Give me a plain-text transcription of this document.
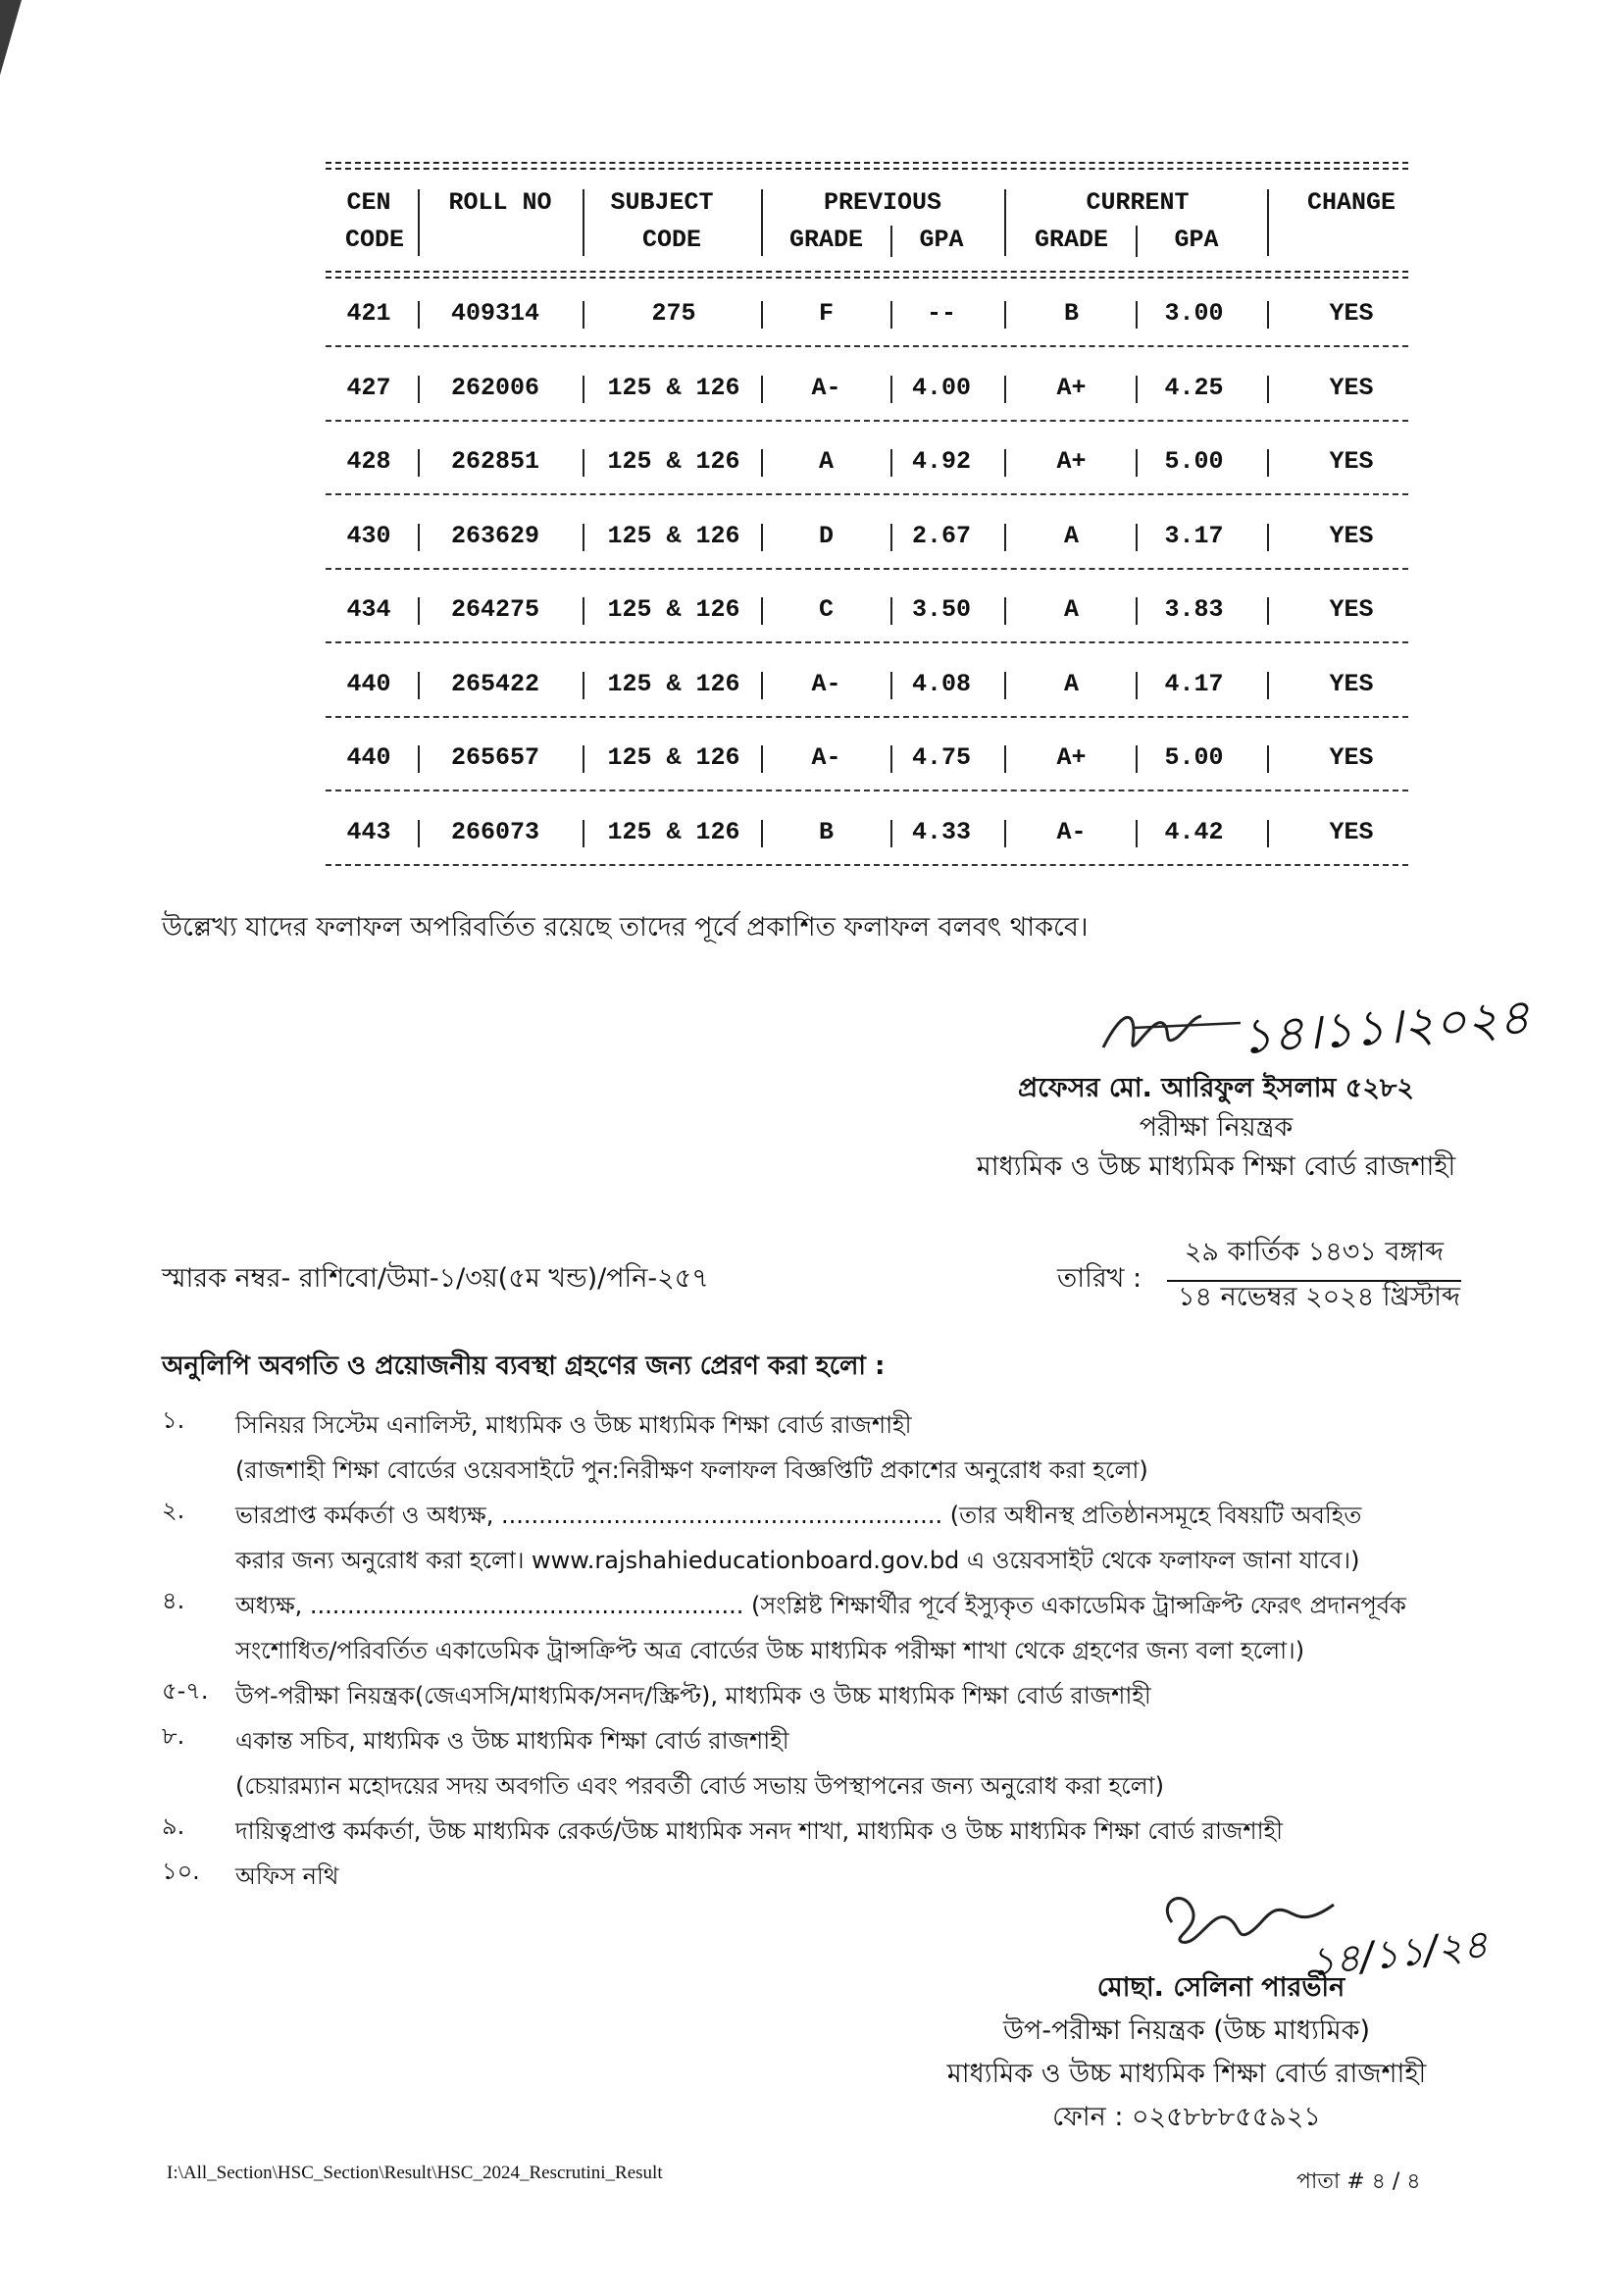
CEN	ROLL NO	SUBJECT	PREVIOUS	CURRENT	CHANGE
CODE	CODE	GRADE	GPA	GRADE	GPA
421	409314	275	F	--	B	3.00	YES
427	262006	125 & 126	A-	4.00	A+	4.25	YES
428	262851	125 & 126	A	4.92	A+	5.00	YES
430	263629	125 & 126	D	2.67	A	3.17	YES
434	264275	125 & 126	C	3.50	A	3.83	YES
440	265422	125 & 126	A-	4.08	A	4.17	YES
440	265657	125 & 126	A-	4.75	A+	5.00	YES
443	266073	125 & 126	B	4.33	A-	4.42	YES
উল্লেখ্য যাদের ফলাফল অপরিবর্তিত রয়েছে তাদের পূর্বে প্রকাশিত ফলাফল বলবৎ থাকবে।
১৪।১১।২০২৪
প্রফেসর মো. আরিফুল ইসলাম ৫২৮২
পরীক্ষা নিয়ন্ত্রক
মাধ্যমিক ও উচ্চ মাধ্যমিক শিক্ষা বোর্ড রাজশাহী
স্মারক নম্বর- রাশিবো/উমা-১/৩য়(৫ম খন্ড)/পনি-২৫৭	তারিখ :
২৯ কার্তিক ১৪৩১ বঙ্গাব্দ
১৪ নভেম্বর ২০২৪ খ্রিস্টাব্দ
অনুলিপি অবগতি ও প্রয়োজনীয় ব্যবস্থা গ্রহণের জন্য প্রেরণ করা হলো :
১.	সিনিয়র সিস্টেম এনালিস্ট, মাধ্যমিক ও উচ্চ মাধ্যমিক শিক্ষা বোর্ড রাজশাহী
(রাজশাহী শিক্ষা বোর্ডের ওয়েবসাইটে পুন:নিরীক্ষণ ফলাফল বিজ্ঞপ্তিটি প্রকাশের অনুরোধ করা হলো)
২.	ভারপ্রাপ্ত কর্মকর্তা ও অধ্যক্ষ, ........................................................... (তার অধীনস্থ প্রতিষ্ঠানসমূহে বিষয়টি অবহিত
করার জন্য অনুরোধ করা হলো। www.rajshahieducationboard.gov.bd এ ওয়েবসাইট থেকে ফলাফল জানা যাবে।)
৪.	অধ্যক্ষ, .......................................................... (সংশ্লিষ্ট শিক্ষার্থীর পূর্বে ইস্যুকৃত একাডেমিক ট্রান্সক্রিপ্ট ফেরৎ প্রদানপূর্বক
সংশোধিত/পরিবর্তিত একাডেমিক ট্রান্সক্রিপ্ট অত্র বোর্ডের উচ্চ মাধ্যমিক পরীক্ষা শাখা থেকে গ্রহণের জন্য বলা হলো।)
৫-৭.	উপ-পরীক্ষা নিয়ন্ত্রক(জেএসসি/মাধ্যমিক/সনদ/স্ক্রিপ্ট), মাধ্যমিক ও উচ্চ মাধ্যমিক শিক্ষা বোর্ড রাজশাহী
৮.	একান্ত সচিব, মাধ্যমিক ও উচ্চ মাধ্যমিক শিক্ষা বোর্ড রাজশাহী
(চেয়ারম্যান মহোদয়ের সদয় অবগতি এবং পরবর্তী বোর্ড সভায় উপস্থাপনের জন্য অনুরোধ করা হলো)
৯.	দায়িত্বপ্রাপ্ত কর্মকর্তা, উচ্চ মাধ্যমিক রেকর্ড/উচ্চ মাধ্যমিক সনদ শাখা, মাধ্যমিক ও উচ্চ মাধ্যমিক শিক্ষা বোর্ড রাজশাহী
১০.	অফিস নথি
১৪/১১/২৪
মোছা. সেলিনা পারভীন
উপ-পরীক্ষা নিয়ন্ত্রক (উচ্চ মাধ্যমিক)
মাধ্যমিক ও উচ্চ মাধ্যমিক শিক্ষা বোর্ড রাজশাহী
ফোন : ০২৫৮৮৮৫৫৯২১
I:\All_Section\HSC_Section\Result\HSC_2024_Rescrutini_Result	পাতা # ৪ / ৪
